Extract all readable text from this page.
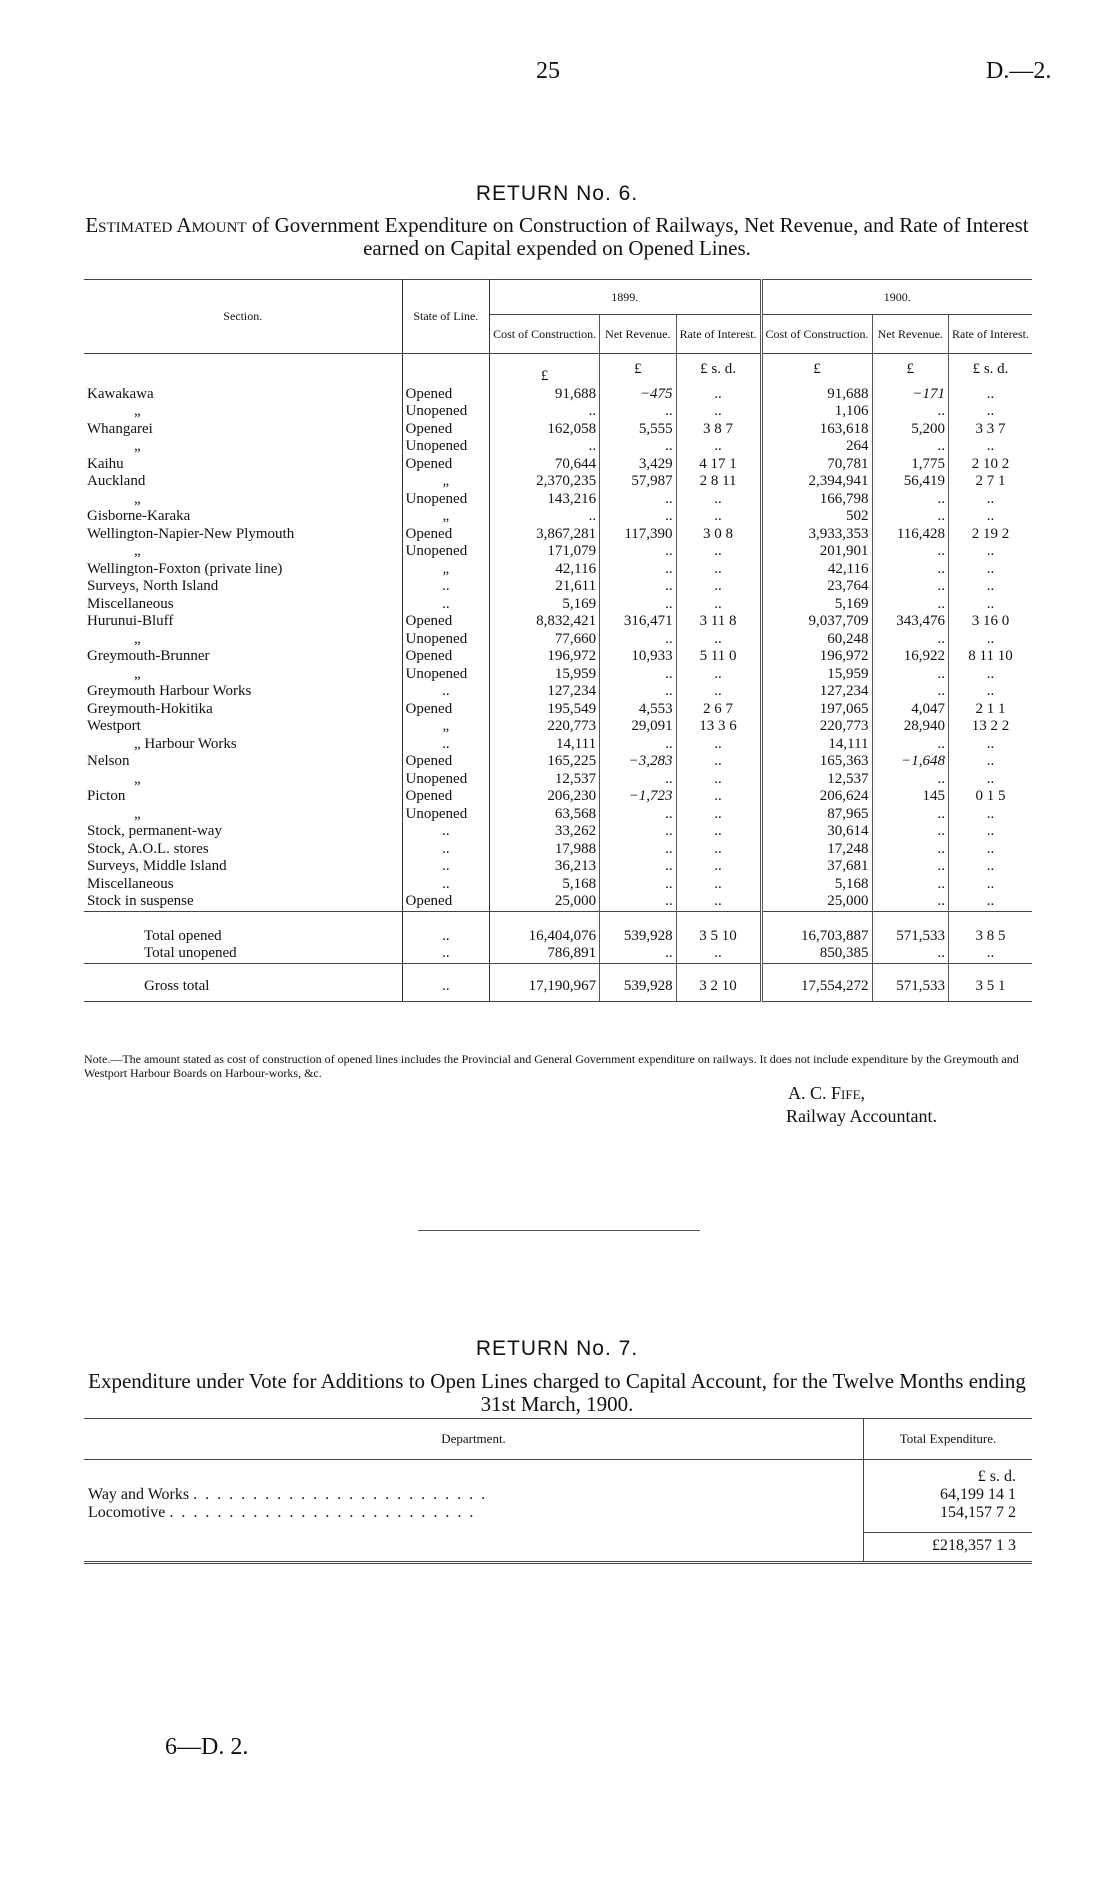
25	D.—2.
RETURN No. 6.
Estimated Amount of Government Expenditure on Construction of Railways, Net Revenue, and Rate of Interest earned on Capital expended on Opened Lines.
Section.	State of Line.	1899.			1900.		
		Cost of Construction.	Net Revenue.	Rate of Interest.	Cost of Construction.	Net Revenue.	Rate of Interest.
		£	£	£ s. d.	£	£	£ s. d.
Kawakawa	Opened	91,688	−475	..	91,688	−171	..
„	Unopened	..	..	..	1,106	..	..
Whangarei	Opened	162,058	5,555	3 8 7	163,618	5,200	3 3 7
„	Unopened	..	..	..	264	..	..
Kaihu	Opened	70,644	3,429	4 17 1	70,781	1,775	2 10 2
Auckland	„	2,370,235	57,987	2 8 11	2,394,941	56,419	2 7 1
„	Unopened	143,216	..	..	166,798	..	..
Gisborne-Karaka	„	..	..	..	502	..	..
Wellington-Napier-New Plymouth	Opened	3,867,281	117,390	3 0 8	3,933,353	116,428	2 19 2
„	Unopened	171,079	..	..	201,901	..	..
Wellington-Foxton (private line)	„	42,116	..	..	42,116	..	..
Surveys, North Island	..	21,611	..	..	23,764	..	..
Miscellaneous	..	5,169	..	..	5,169	..	..
Hurunui-Bluff	Opened	8,832,421	316,471	3 11 8	9,037,709	343,476	3 16 0
„	Unopened	77,660	..	..	60,248	..	..
Greymouth-Brunner	Opened	196,972	10,933	5 11 0	196,972	16,922	8 11 10
„	Unopened	15,959	..	..	15,959	..	..
Greymouth Harbour Works	..	127,234	..	..	127,234	..	..
Greymouth-Hokitika	Opened	195,549	4,553	2 6 7	197,065	4,047	2 1 1
Westport	„	220,773	29,091	13 3 6	220,773	28,940	13 2 2
„ Harbour Works	..	14,111	..	..	14,111	..	..
Nelson	Opened	165,225	−3,283	..	165,363	−1,648	..
„	Unopened	12,537	..	..	12,537	..	..
Picton	Opened	206,230	−1,723	..	206,624	145	0 1 5
„	Unopened	63,568	..	..	87,965	..	..
Stock, permanent-way	..	33,262	..	..	30,614	..	..
Stock, A.O.L. stores	..	17,988	..	..	17,248	..	..
Surveys, Middle Island	..	36,213	..	..	37,681	..	..
Miscellaneous	..	5,168	..	..	5,168	..	..
Stock in suspense	Opened	25,000	..	..	25,000	..	..
Total opened	..	16,404,076	539,928	3 5 10	16,703,887	571,533	3 8 5
Total unopened	..	786,891	..	..	850,385	..	..
Gross total	..	17,190,967	539,928	3 2 10	17,554,272	571,533	3 5 1
Note.—The amount stated as cost of construction of opened lines includes the Provincial and General Government expenditure on railways. It does not include expenditure by the Greymouth and Westport Harbour Boards on Harbour-works, &c.
A. C. Fife,
Railway Accountant.
RETURN No. 7.
Expenditure under Vote for Additions to Open Lines charged to Capital Account, for the Twelve Months ending 31st March, 1900.
Department.	Total Expenditure.

	£ s. d.
Way and Works . . . . . . . . . . . . . . . . . . . . . . . . .	64,199 14 1
Locomotive . . . . . . . . . . . . . . . . . . . . . . . . . .	154,157 7 2

	£218,357 1 3
6—D. 2.
